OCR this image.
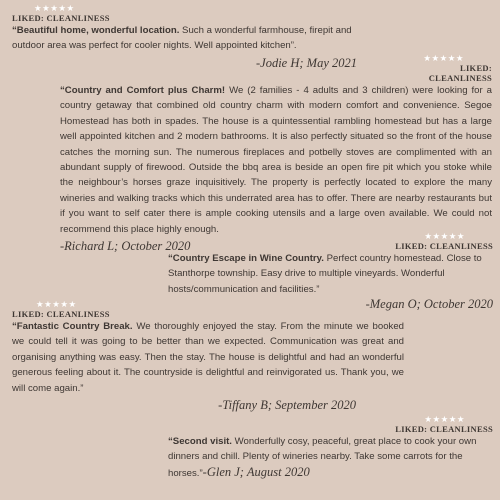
★★★★★
LIKED: CLEANLINESS

“Beautiful home, wonderful location. Such a wonderful farmhouse, firepit and outdoor area was perfect for cooler nights. Well appointed kitchen”.

-Jodie H; May 2021	★★★★★
LIKED: CLEANLINESS

“Country and Comfort plus Charm! We (2 families - 4 adults and 3 children) were looking for a country getaway that combined old country charm with modern comfort and convenience. Segoe Homestead has both in spades. The house is a quintessential rambling homestead but has a large well appointed kitchen and 2 modern bathrooms. It is also perfectly situated so the front of the house catches the morning sun. The numerous fireplaces and potbelly stoves are complimented with an abundant supply of firewood. Outside the bbq area is beside an open fire pit which you stoke while the neighbour’s horses graze inquisitively. The property is perfectly located to explore the many wineries and walking tracks which this underrated area has to offer. There are nearby restaurants but if you want to self cater there is ample cooking utensils and a large oven available. We could not recommend this place highly enough.

-Richard L; October 2020
★★★★★
LIKED: CLEANLINESS

“Country Escape in Wine Country. Perfect country homestead. Close to Stanthorpe township. Easy drive to multiple vineyards. Wonderful hosts/communication and facilities.”

-Megan O; October 2020
★★★★★
LIKED: CLEANLINESS

“Fantastic Country Break. We thoroughly enjoyed the stay. From the minute we booked we could tell it was going to be better than we expected. Communication was great and organising anything was easy. Then the stay. The house is delightful and had an wonderful generous feeling about it. The countryside is delightful and reinvigorated us. Thank you, we will come again.”

-Tiffany B; September 2020
★★★★★
LIKED: CLEANLINESS

“Second visit. Wonderfully cosy, peaceful, great place to cook your own dinners and chill. Plenty of wineries nearby. Take some carrots for the horses.”-Glen J; August 2020
